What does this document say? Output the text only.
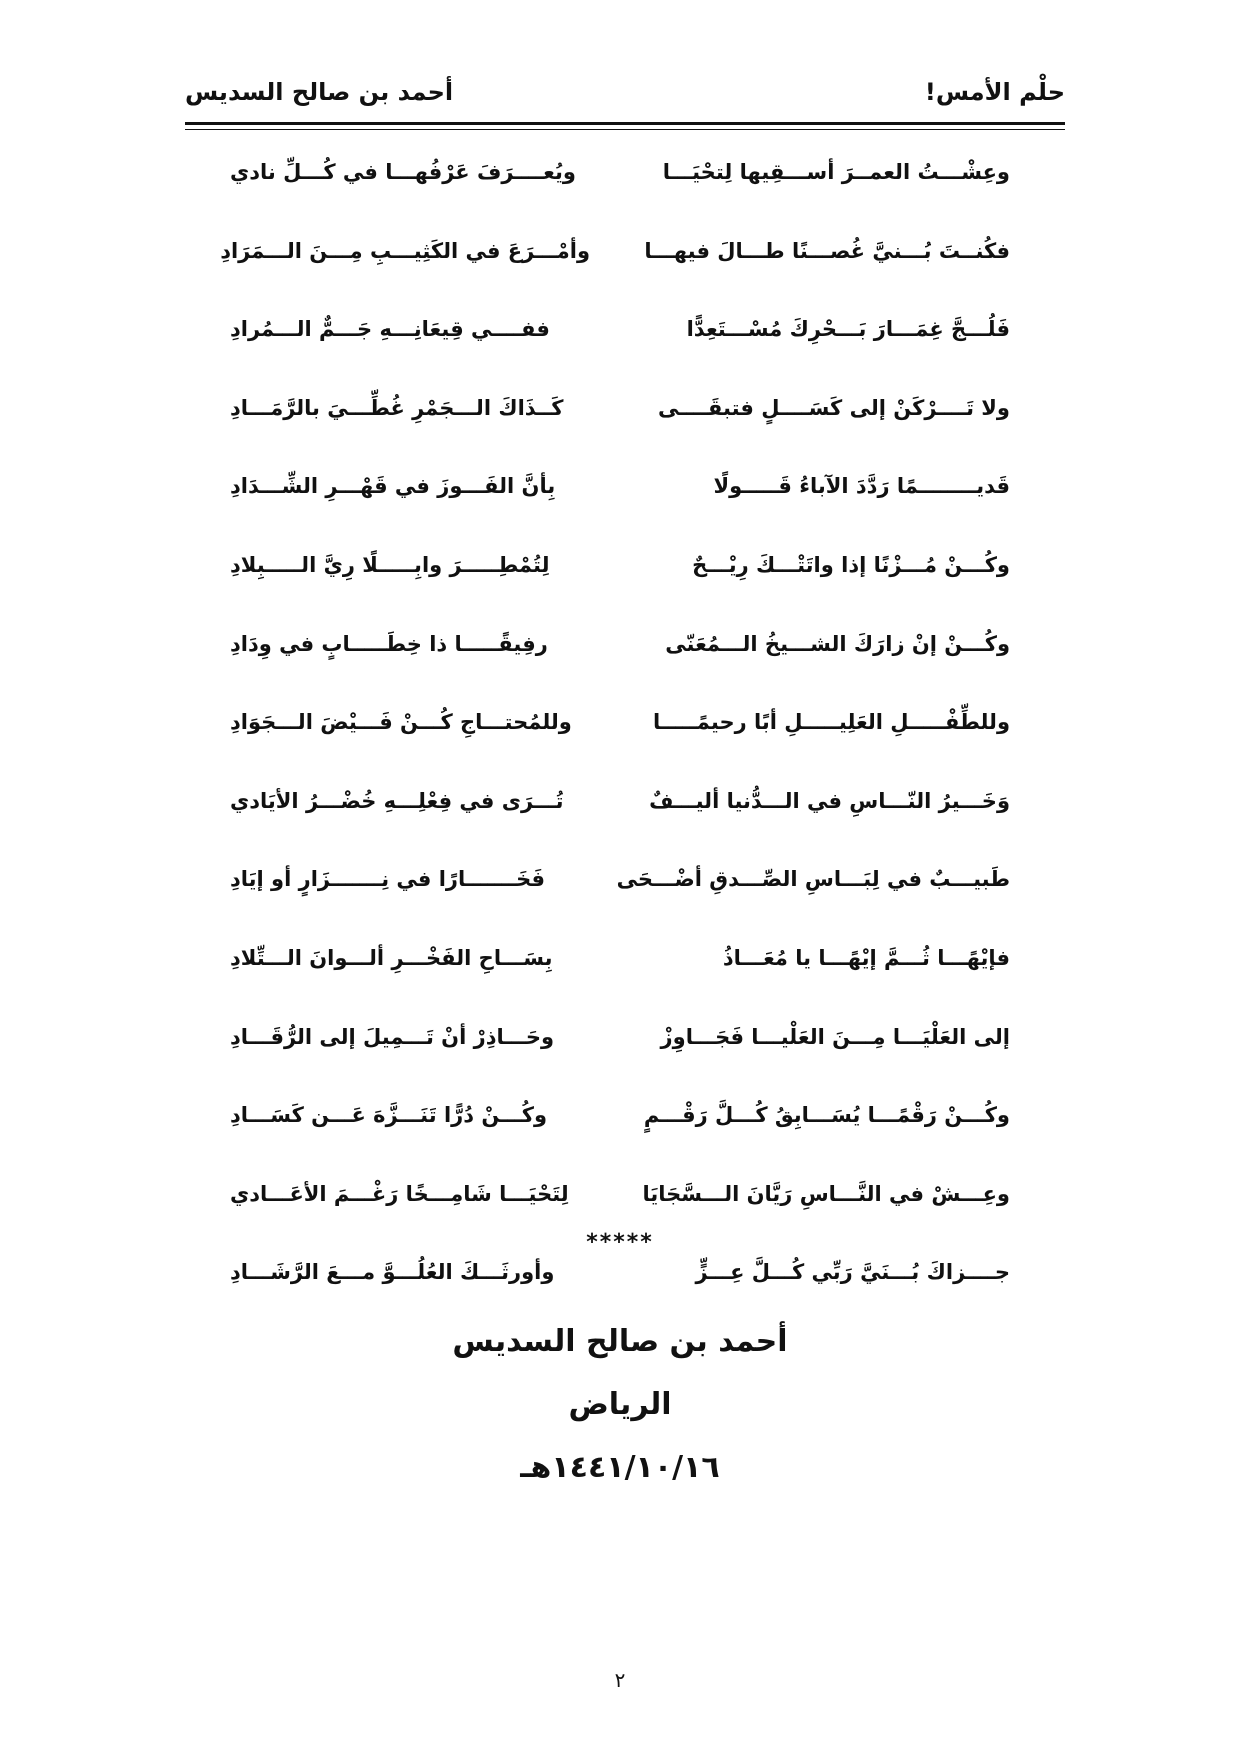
حلْم الأمس!
أحمد بن صالح السديس
وعِشْـــتُ العمــرَ أســـقِيها لِتحْيَـــا
ويُعــــرَفَ عَرْفُهـــا في كُـــلِّ نادي
فكُنــتَ بُـــنيَّ غُصـــنًا طـــالَ فيهـــا
وأمْـــرَعَ في الكَثِيـــبِ مِـــنَ الـــمَرَادِ
فَلُـــجَّ غِمَـــارَ بَـــحْرِكَ مُسْـــتَعِدًّا
ففــــي قِيعَانِـــهِ جَـــمٌّ الـــمُرادِ
ولا تَــــرْكَنْ إلى كَسَــــلٍ فتبقَــــى
كَــذَاكَ الـــجَمْرِ غُطِّـــيَ بالرَّمَـــادِ
قَديــــــــمًا رَدَّدَ الآباءُ قَـــــولًا
بِأنَّ الفَـــوزَ في قَهْـــرِ الشِّـــدَادِ
وكُـــنْ مُـــزْنًا إذا واتَتْـــكَ رِيْـــحٌ
لِتُمْطِـــــرَ وابِـــــلًا رِيَّ الـــــبِلادِ
وكُـــنْ إنْ زارَكَ الشـــيخُ الـــمُعَنّى
رفِيقًـــــا ذا خِطَـــــابٍ في وِدَادِ
وللطِّفْـــــلِ العَلِيـــــلِ أبًا رحيمًـــــا
وللمُحتـــاجِ كُـــنْ فَـــيْضَ الـــجَوَادِ
وَخَـــيرُ النّـــاسِ في الـــدُّنيا أليـــفٌ
تُـــرَى في فِعْلِـــهِ خُضْـــرُ الأيَادي
طَبيـــبٌ في لِبَـــاسِ الصِّـــدقِ أضْـــحَى
فَخَـــــــارًا في نِـــــــزَارٍ أو إيَادِ
فإيْهًـــا ثُـــمَّ إيْهًـــا يا مُعَـــاذُ
بِسَـــاحِ الفَخْـــرِ ألـــوانَ الـــتِّلادِ
إلى العَلْيَـــا مِـــنَ العَلْيـــا فَجَـــاوِزْ
وحَـــاذِرْ أنْ تَـــمِيلَ إلى الرُّقَـــادِ
وكُـــنْ رَقْمًـــا يُسَـــابِقُ كُـــلَّ رَقْـــمٍ
وكُـــنْ دُرًّا تَنَـــزَّهَ عَـــن كَسَـــادِ
وعِـــشْ في النَّـــاسِ رَيَّانَ الـــسَّجَايَا
لِتَحْيَـــا شَامِـــخًا رَغْـــمَ الأعَـــادي
جــــزاكَ بُـــنَيَّ رَبِّي كُـــلَّ عِـــزٍّ
وأورثَـــكَ العُلُـــوَّ مـــعَ الرَّشَـــادِ
*****
أحمد بن صالح السديس
الرياض
١٤٤١/١٠/١٦هـ
٢
